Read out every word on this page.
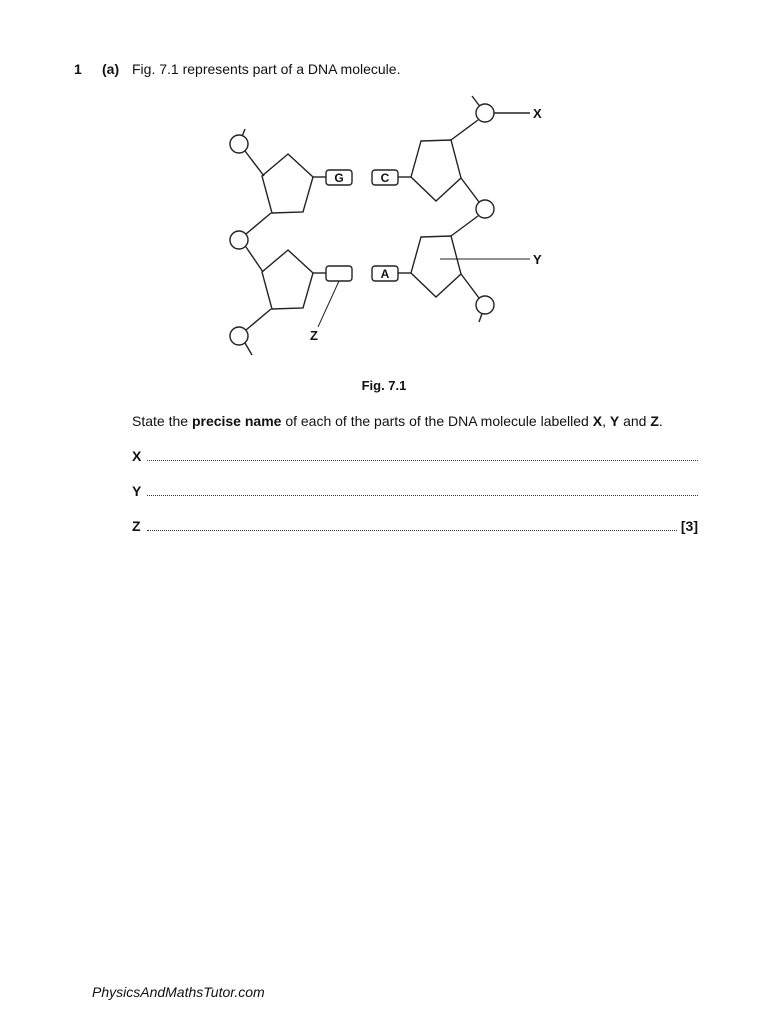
1 (a) Fig. 7.1 represents part of a DNA molecule.
G	C
A
X
Y
Z
Fig. 7.1
State the precise name of each of the parts of the DNA molecule labelled X, Y and Z.
X
Y
Z	[3]
PhysicsAndMathsTutor.com
